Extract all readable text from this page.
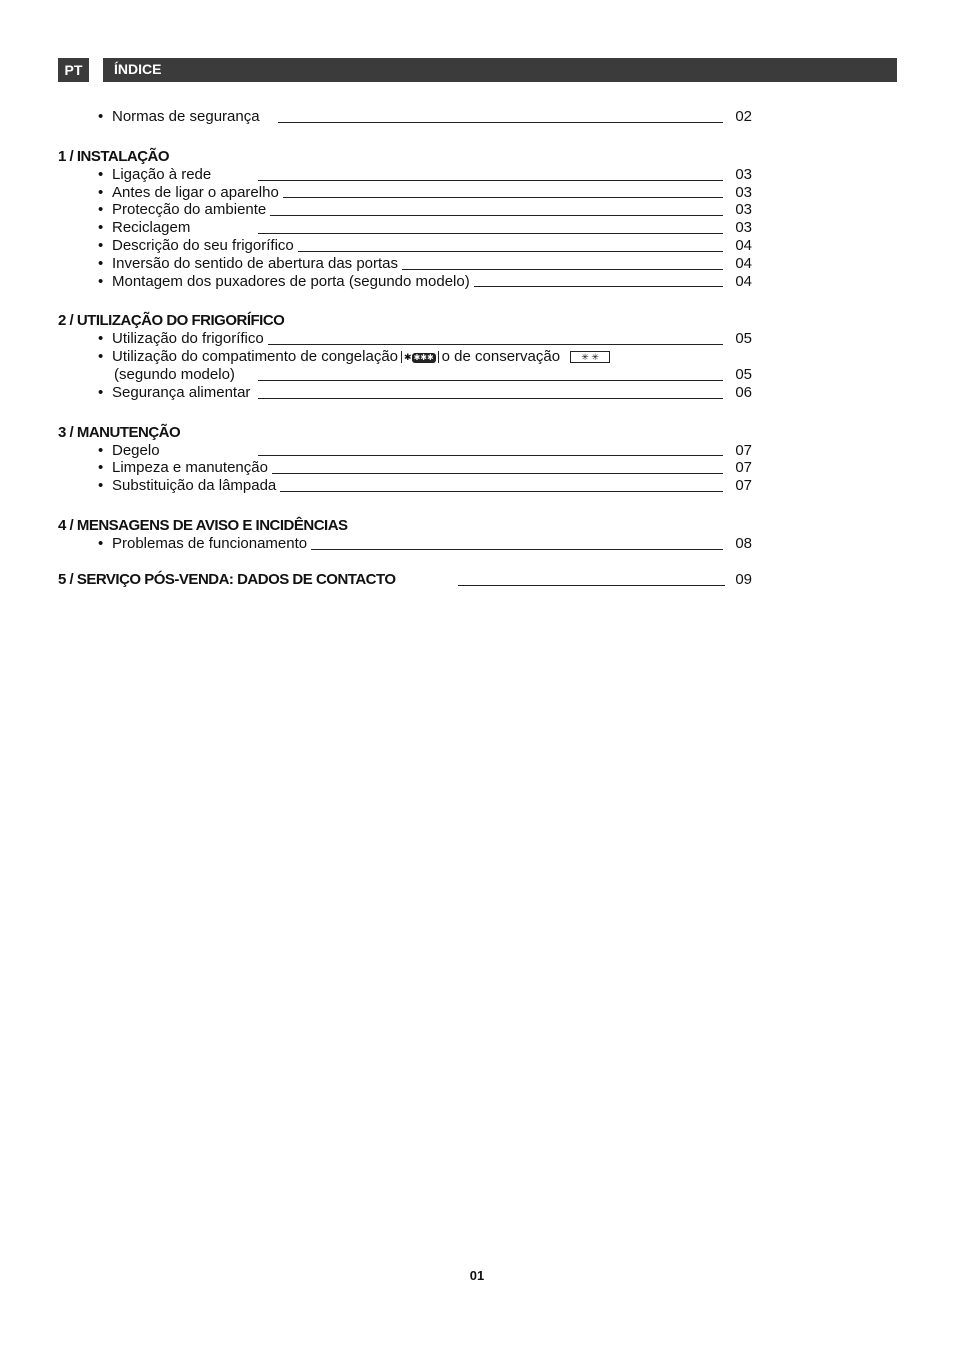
PT	ÍNDICE
• Normas de segurança	02
1 / INSTALAÇÃO
• Ligação à rede	03
• Antes de ligar o aparelho	03
• Protecção do ambiente	03
• Reciclagem	03
• Descrição do seu frigorífico	04
• Inversão do sentido de abertura das portas	04
• Montagem dos puxadores de porta (segundo modelo)	04
2 / UTILIZAÇÃO DO FRIGORÍFICO
• Utilização do frigorífico	05
• Utilização do compatimento de congelação ✱ ✱✱✱ o de conservação ✳ ✳
(segundo modelo)	05
• Segurança alimentar	06
3 / MANUTENÇÃO
• Degelo	07
• Limpeza e manutenção	07
• Substituição da lâmpada	07
4 / MENSAGENS DE AVISO E INCIDÊNCIAS
• Problemas de funcionamento	08
5 / SERVIÇO PÓS-VENDA: DADOS DE CONTACTO	09
01
